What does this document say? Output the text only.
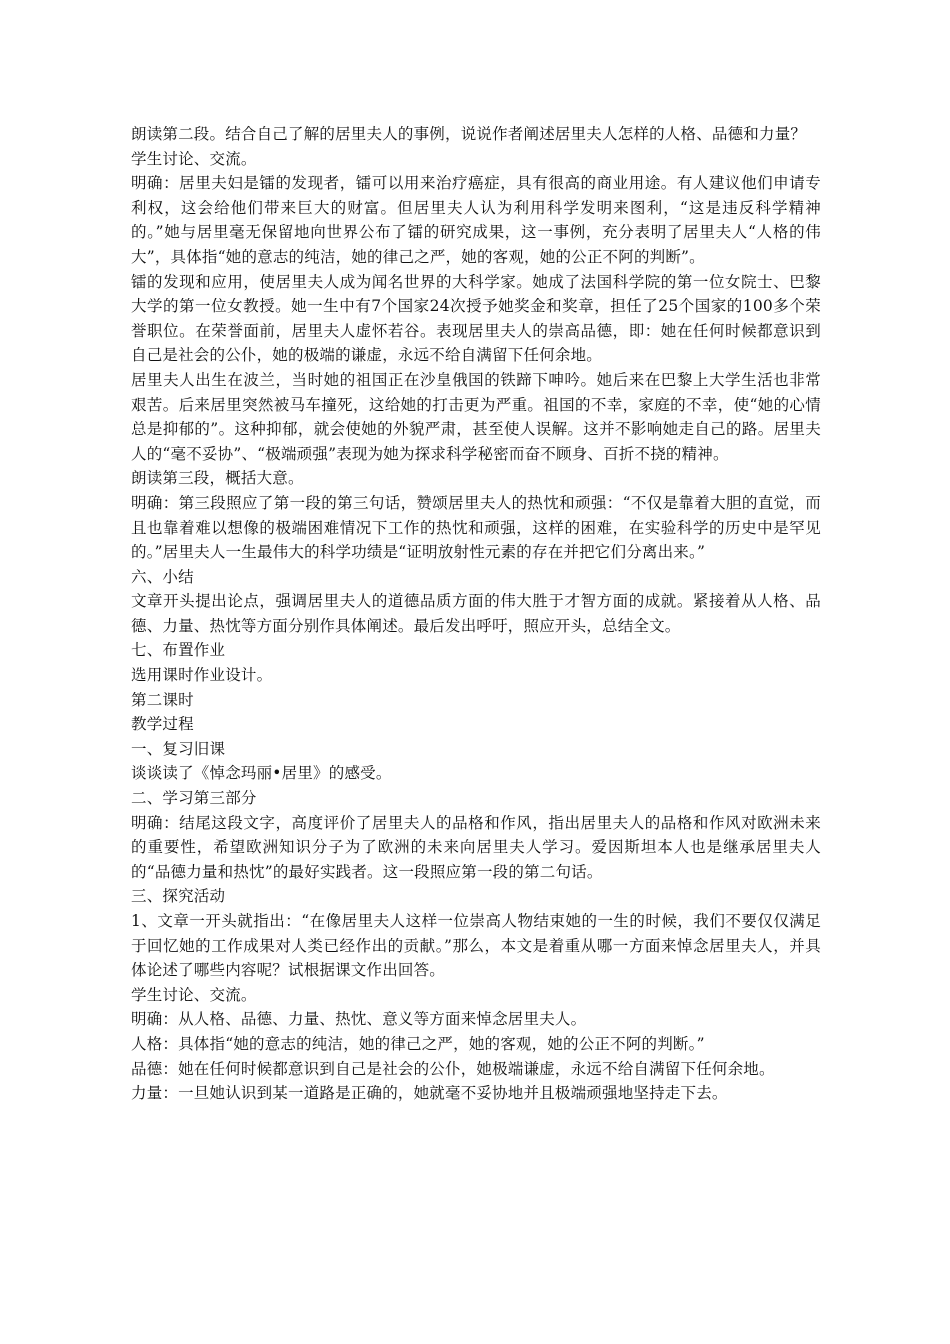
朗读第二段。结合自己了解的居里夫人的事例，说说作者阐述居里夫人怎样的人格、品德和力量？

学生讨论、交流。

明确：居里夫妇是镭的发现者，镭可以用来治疗癌症，具有很高的商业用途。有人建议他们申请专利权，这会给他们带来巨大的财富。但居里夫人认为利用科学发明来图利，“这是违反科学精神的。”她与居里毫无保留地向世界公布了镭的研究成果，这一事例，充分表明了居里夫人“人格的伟大”，具体指“她的意志的纯洁，她的律己之严，她的客观，她的公正不阿的判断”。

镭的发现和应用，使居里夫人成为闻名世界的大科学家。她成了法国科学院的第一位女院士、巴黎大学的第一位女教授。她一生中有7个国家24次授予她奖金和奖章，担任了25个国家的100多个荣誉职位。在荣誉面前，居里夫人虚怀若谷。表现居里夫人的崇高品德，即：她在任何时候都意识到自己是社会的公仆，她的极端的谦虚，永远不给自满留下任何余地。

居里夫人出生在波兰，当时她的祖国正在沙皇俄国的铁蹄下呻吟。她后来在巴黎上大学生活也非常艰苦。后来居里突然被马车撞死，这给她的打击更为严重。祖国的不幸，家庭的不幸，使“她的心情总是抑郁的”。这种抑郁，就会使她的外貌严肃，甚至使人误解。这并不影响她走自己的路。居里夫人的“毫不妥协”、“极端顽强”表现为她为探求科学秘密而奋不顾身、百折不挠的精神。

朗读第三段，概括大意。

明确：第三段照应了第一段的第三句话，赞颂居里夫人的热忱和顽强：“不仅是靠着大胆的直觉，而且也靠着难以想像的极端困难情况下工作的热忱和顽强，这样的困难，在实验科学的历史中是罕见的。”居里夫人一生最伟大的科学功绩是“证明放射性元素的存在并把它们分离出来。”

六、小结

文章开头提出论点，强调居里夫人的道德品质方面的伟大胜于才智方面的成就。紧接着从人格、品德、力量、热忱等方面分别作具体阐述。最后发出呼吁，照应开头，总结全文。

七、布置作业

选用课时作业设计。

第二课时

教学过程

一、复习旧课

谈谈读了《悼念玛丽•居里》的感受。

二、学习第三部分

明确：结尾这段文字，高度评价了居里夫人的品格和作风，指出居里夫人的品格和作风对欧洲未来的重要性，希望欧洲知识分子为了欧洲的未来向居里夫人学习。爱因斯坦本人也是继承居里夫人的“品德力量和热忱”的最好实践者。这一段照应第一段的第二句话。

三、探究活动

1、文章一开头就指出：“在像居里夫人这样一位崇高人物结束她的一生的时候，我们不要仅仅满足于回忆她的工作成果对人类已经作出的贡献。”那么，本文是着重从哪一方面来悼念居里夫人，并具体论述了哪些内容呢？试根据课文作出回答。

学生讨论、交流。

明确：从人格、品德、力量、热忱、意义等方面来悼念居里夫人。

人格：具体指“她的意志的纯洁，她的律己之严，她的客观，她的公正不阿的判断。”

品德：她在任何时候都意识到自己是社会的公仆，她极端谦虚，永远不给自满留下任何余地。

力量：一旦她认识到某一道路是正确的，她就毫不妥协地并且极端顽强地坚持走下去。
